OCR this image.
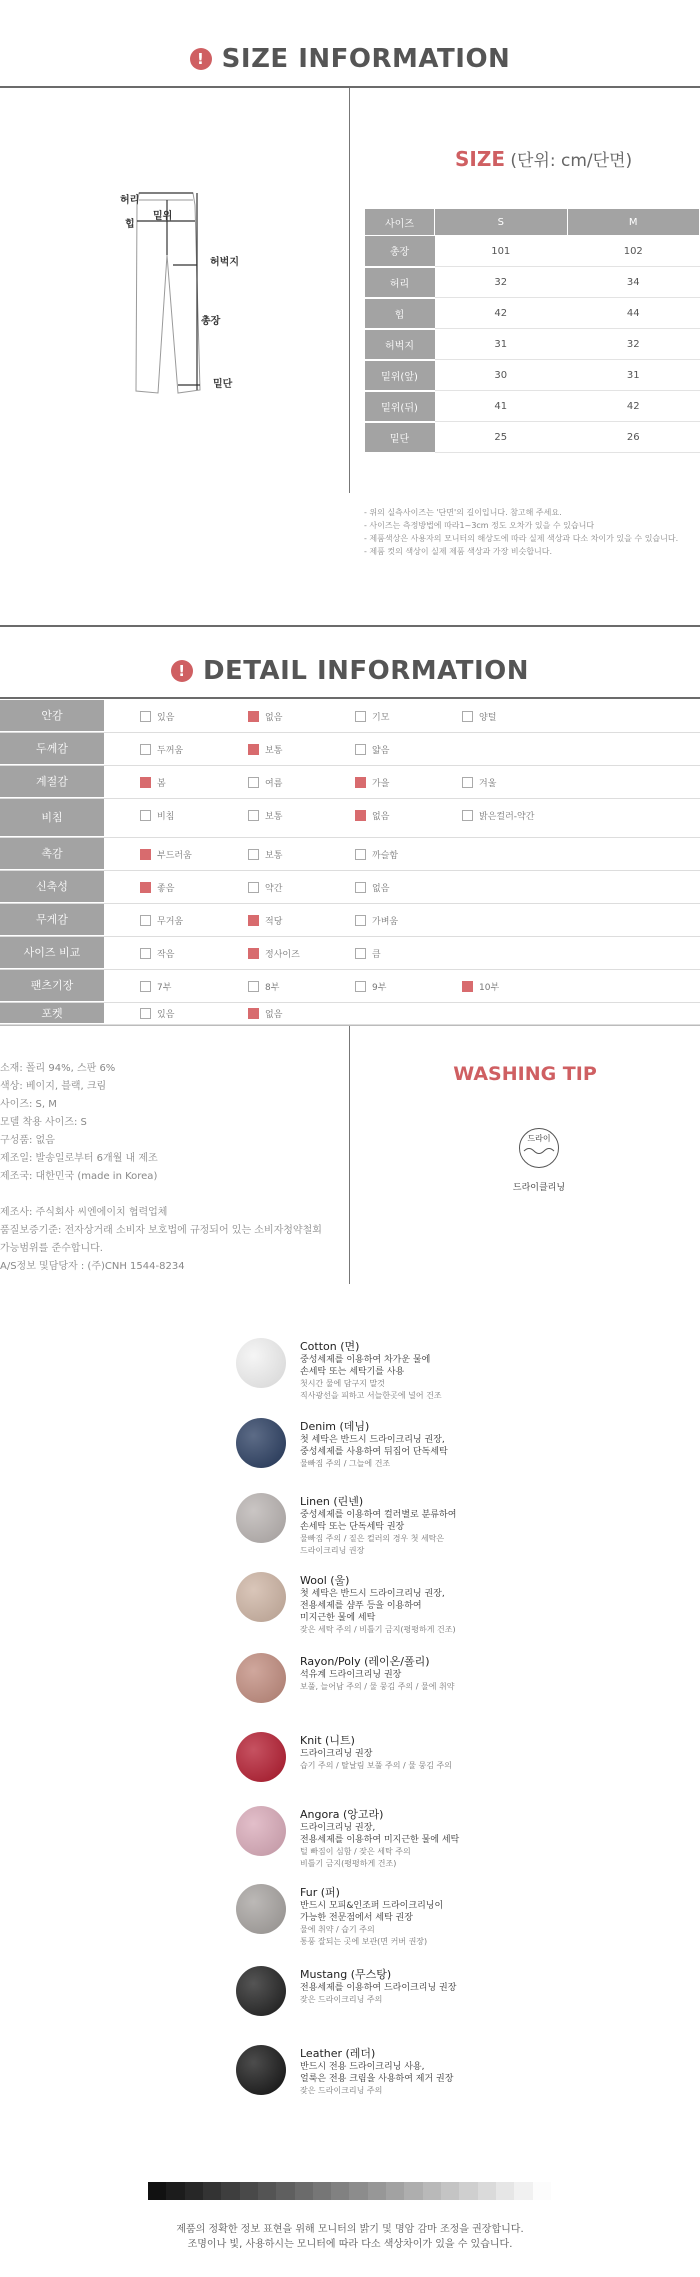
! SIZE INFORMATION
허리
힙
밑위
허벅지
총장
밑단
SIZE (단위: cm/단면)
사이즈	S	M
총장	101	102
허리	32	34
힙	42	44
허벅지	31	32
밑위(앞)	30	31
밑위(뒤)	41	42
밑단	25	26
- 위의 실측사이즈는 '단면'의 길이입니다. 참고해 주세요.
- 사이즈는 측정방법에 따라1~3cm 정도 오차가 있을 수 있습니다
- 제품색상은 사용자의 모니터의 해상도에 따라 실제 색상과 다소 차이가 있을 수 있습니다.
- 제품 컷의 색상이 실제 제품 색상과 가장 비슷합니다.
! DETAIL INFORMATION
안감	있음	없음	기모	양털
두께감	두꺼움	보통	얇음
계절감	봄	여름	가을	겨울
비침	비침	보통	없음	밝은컬러-약간
촉감	부드러움	보통	까슬함
신축성	좋음	약간	없음
무게감	무거움	적당	가벼움
사이즈 비교	작음	정사이즈	큼
팬츠기장	7부	8부	9부	10부
포켓	있음	없음
소재: 폴리 94%, 스판 6%
색상: 베이지, 블랙, 크림
사이즈: S, M
모델 착용 사이즈: S
구성품: 없음
제조일: 발송일로부터 6개월 내 제조
제조국: 대한민국 (made in Korea)
제조사: 주식회사 씨엔에이치 협력업체
품질보증기준: 전자상거래 소비자 보호법에 규정되어 있는 소비자청약철회
가능범위를 준수합니다.
A/S정보 및담당자 : (주)CNH 1544-8234
WASHING TIP
드라이
드라이클리닝
Cotton (면)
중성세제를 이용하여 차가운 물에
손세탁 또는 세탁기를 사용
첫시간 물에 담구지 말것
직사광선을 피하고 서늘한곳에 널어 건조
Denim (데님)
첫 세탁은 반드시 드라이크리닝 권장,
중성세제를 사용하여 뒤집어 단독세탁
물빠짐 주의 / 그늘에 건조
Linen (린넨)
중성세제를 이용하여 컬러별로 분류하여
손세탁 또는 단독세탁 권장
물빠짐 주의 / 짙은 컬러의 경우 첫 세탁은
드라이크리닝 권장
Wool (울)
첫 세탁은 반드시 드라이크리닝 권장,
전용세제를 샴푸 등을 이용하여
미지근한 물에 세탁
잦은 세탁 주의 / 비틀기 금지(평평하게 건조)
Rayon/Poly (레이온/폴리)
석유계 드라이크리닝 권장
보풀, 늘어남 주의 / 물 뭉김 주의 / 물에 취약
Knit (니트)
드라이크리닝 권장
습기 주의 / 탈날림 보풀 주의 / 물 뭉김 주의
Angora (앙고라)
드라이크리닝 권장,
전용세제를 이용하여 미지근한 물에 세탁
털 빠짐이 심함 / 잦은 세탁 주의
비틀기 금지(평평하게 건조)
Fur (퍼)
반드시 모피&인조퍼 드라이크리닝이
가능한 전문점에서 세탁 권장
물에 취약 / 습기 주의
통풍 잘되는 곳에 보관(면 커버 권장)
Mustang (무스탕)
전용세제를 이용하여 드라이크리닝 권장
잦은 드라이크리닝 주의
Leather (레더)
반드시 전용 드라이크리닝 사용,
얼룩은 전용 크림을 사용하여 제거 권장
잦은 드라이크리닝 주의
제품의 정확한 정보 표현을 위해 모니터의 밝기 및 명암 감마 조정을 권장합니다.
조명이나 빛, 사용하시는 모니터에 따라 다소 색상차이가 있을 수 있습니다.
